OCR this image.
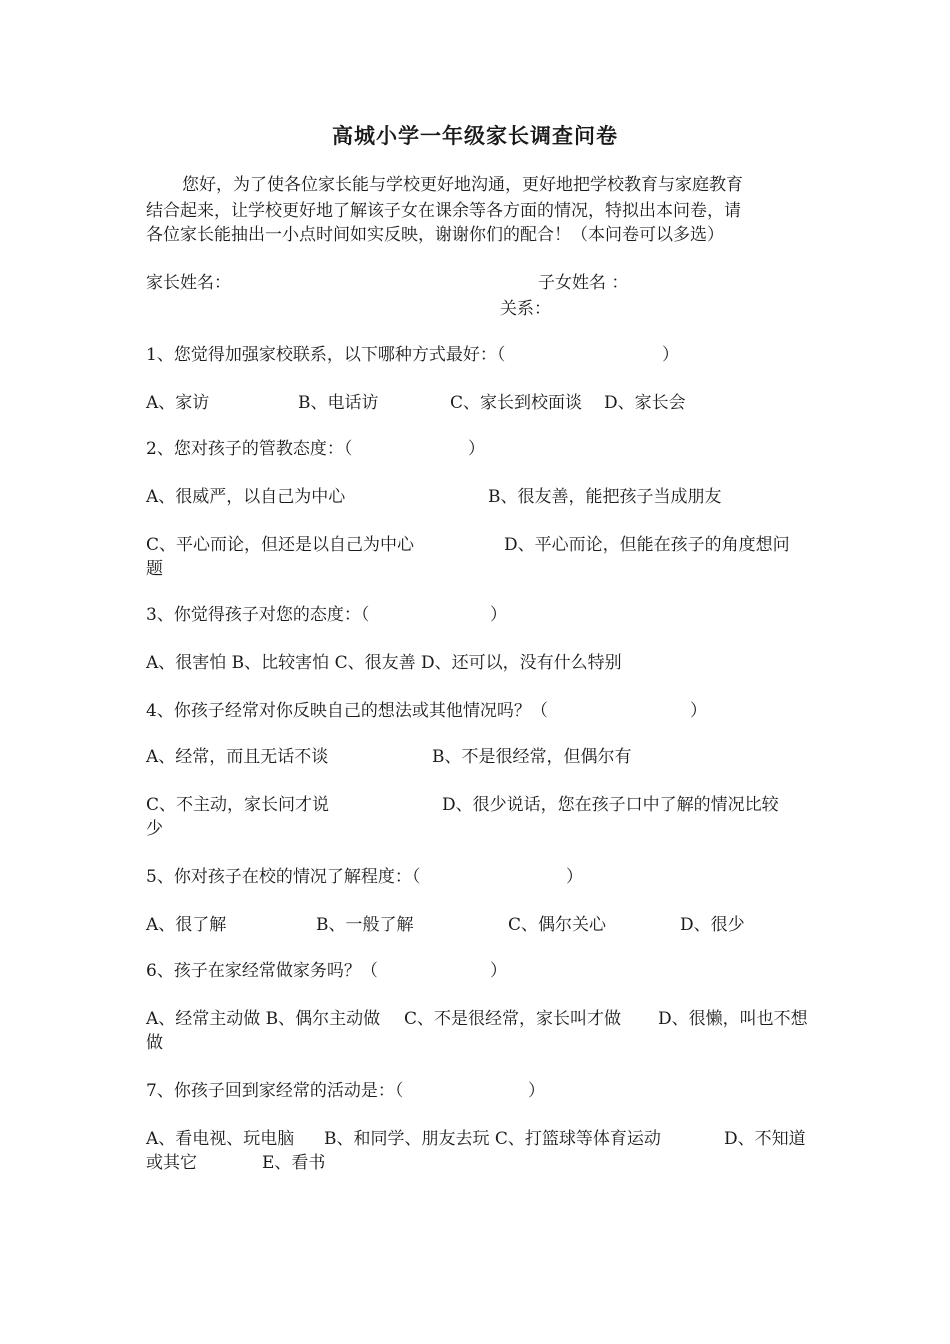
高城小学一年级家长调查问卷
您好，为了使各位家长能与学校更好地沟通，更好地把学校教育与家庭教育
结合起来，让学校更好地了解该子女在课余等各方面的情况，特拟出本问卷，请
各位家长能抽出一小点时间如实反映，谢谢你们的配合！（本问卷可以多选）
家长姓名：	子女姓名 ：
关系：
1、您觉得加强家校联系，以下哪种方式最好：（	）
A、家访	B、电话访	C、家长到校面谈 D、家长会
2、您对孩子的管教态度：（	）
A、很威严，以自己为中心	B、很友善，能把孩子当成朋友
C、平心而论，但还是以自己为中心	D、平心而论，但能在孩子的角度想问
题
3、你觉得孩子对您的态度：（	）
A、很害怕 B、比较害怕 C、很友善 D、还可以，没有什么特别
4、你孩子经常对你反映自己的想法或其他情况吗？（	）
A、经常，而且无话不谈	B、不是很经常，但偶尔有
C、不主动，家长问才说	D、很少说话，您在孩子口中了解的情况比较
少
5、你对孩子在校的情况了解程度：（	）
A、很了解	B、一般了解	C、偶尔关心	D、很少
6、孩子在家经常做家务吗？（	）
A、经常主动做 B、偶尔主动做 C、不是很经常，家长叫才做 D、很懒，叫也不想
做
7、你孩子回到家经常的活动是：（	）
A、看电视、玩电脑 B、和同学、朋友去玩 C、打篮球等体育运动	D、不知道
或其它	E、看书
